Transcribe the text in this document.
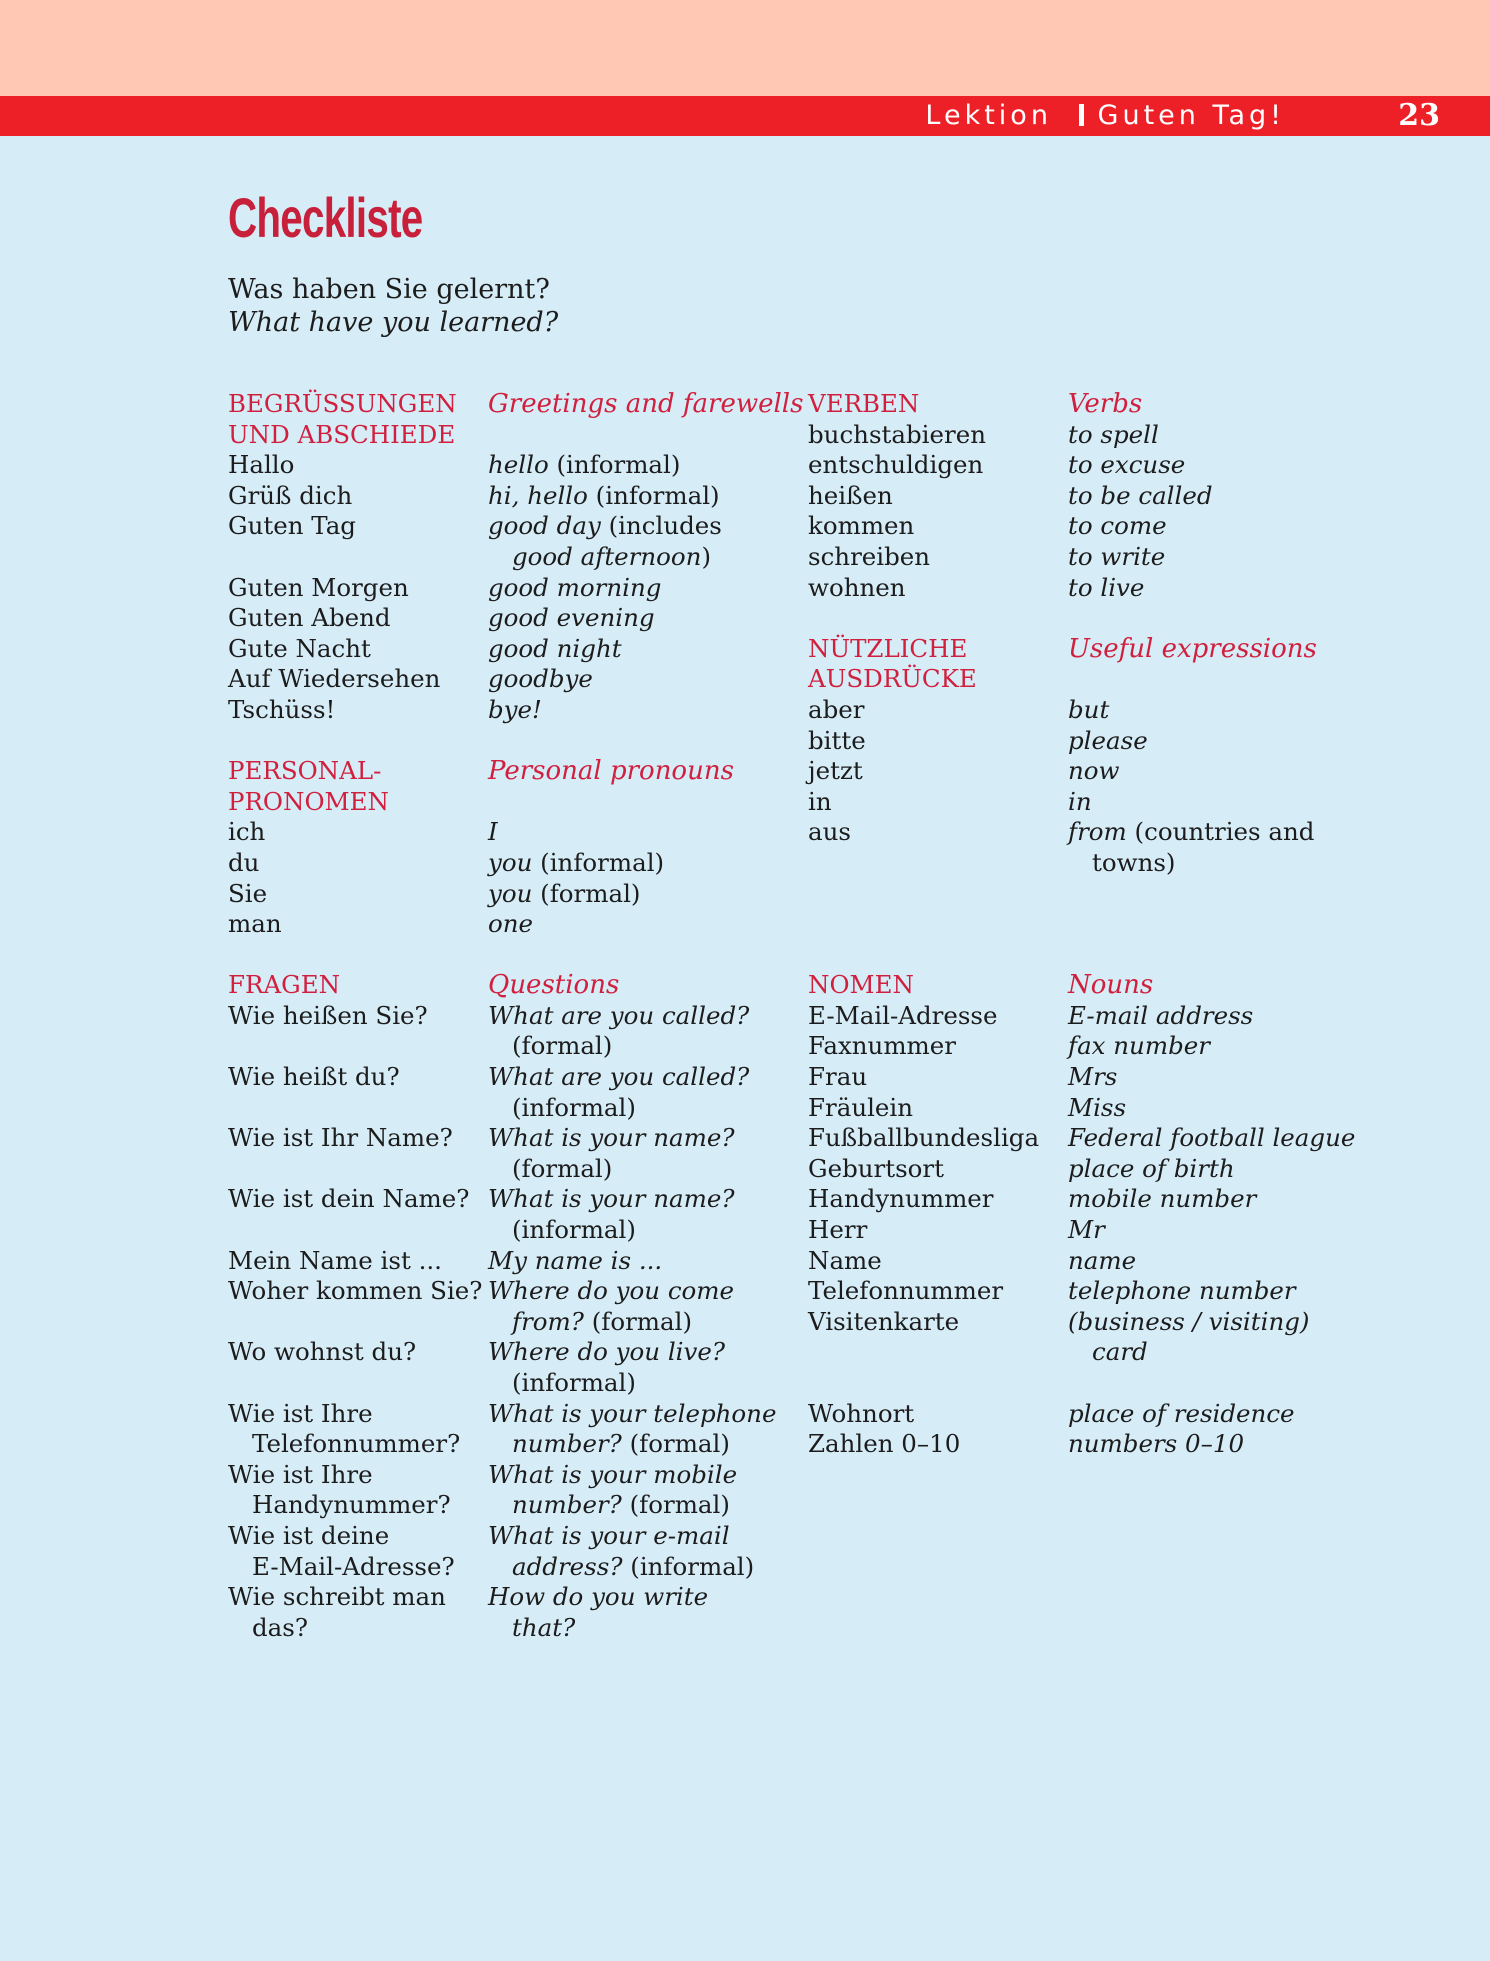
Lektion Guten Tag!	23
Checkliste
Was haben Sie gelernt?
What have you learned?
BEGRÜSSUNGEN
UND ABSCHIEDE
Hallo
Grüß dich
Guten Tag
Guten Morgen
Guten Abend
Gute Nacht
Auf Wiedersehen
Tschüss!
PERSONAL-
PRONOMEN
ich
du
Sie
man
FRAGEN
Wie heißen Sie?
Wie heißt du?
Wie ist Ihr Name?
Wie ist dein Name?
Mein Name ist ...
Woher kommen Sie?
Wo wohnst du?
Wie ist Ihre
Telefonnummer?
Wie ist Ihre
Handynummer?
Wie ist deine
E-Mail-Adresse?
Wie schreibt man
das?
Greetings and farewells
hello (informal)
hi, hello (informal)
good day (includes
good afternoon)
good morning
good evening
good night
goodbye
bye!
Personal pronouns
I
you (informal)
you (formal)
one
Questions
What are you called?
(formal)
What are you called?
(informal)
What is your name?
(formal)
What is your name?
(informal)
My name is ...
Where do you come
from? (formal)
Where do you live?
(informal)
What is your telephone
number? (formal)
What is your mobile
number? (formal)
What is your e-mail
address? (informal)
How do you write
that?
VERBEN
buchstabieren
entschuldigen
heißen
kommen
schreiben
wohnen
NÜTZLICHE
AUSDRÜCKE
aber
bitte
jetzt
in
aus
NOMEN
E-Mail-Adresse
Faxnummer
Frau
Fräulein
Fußballbundesliga
Geburtsort
Handynummer
Herr
Name
Telefonnummer
Visitenkarte
Wohnort
Zahlen 0–10
Verbs
to spell
to excuse
to be called
to come
to write
to live
Useful expressions
but
please
now
in
from (countries and
towns)
Nouns
E-mail address
fax number
Mrs
Miss
Federal football league
place of birth
mobile number
Mr
name
telephone number
(business / visiting)
card
place of residence
numbers 0–10
